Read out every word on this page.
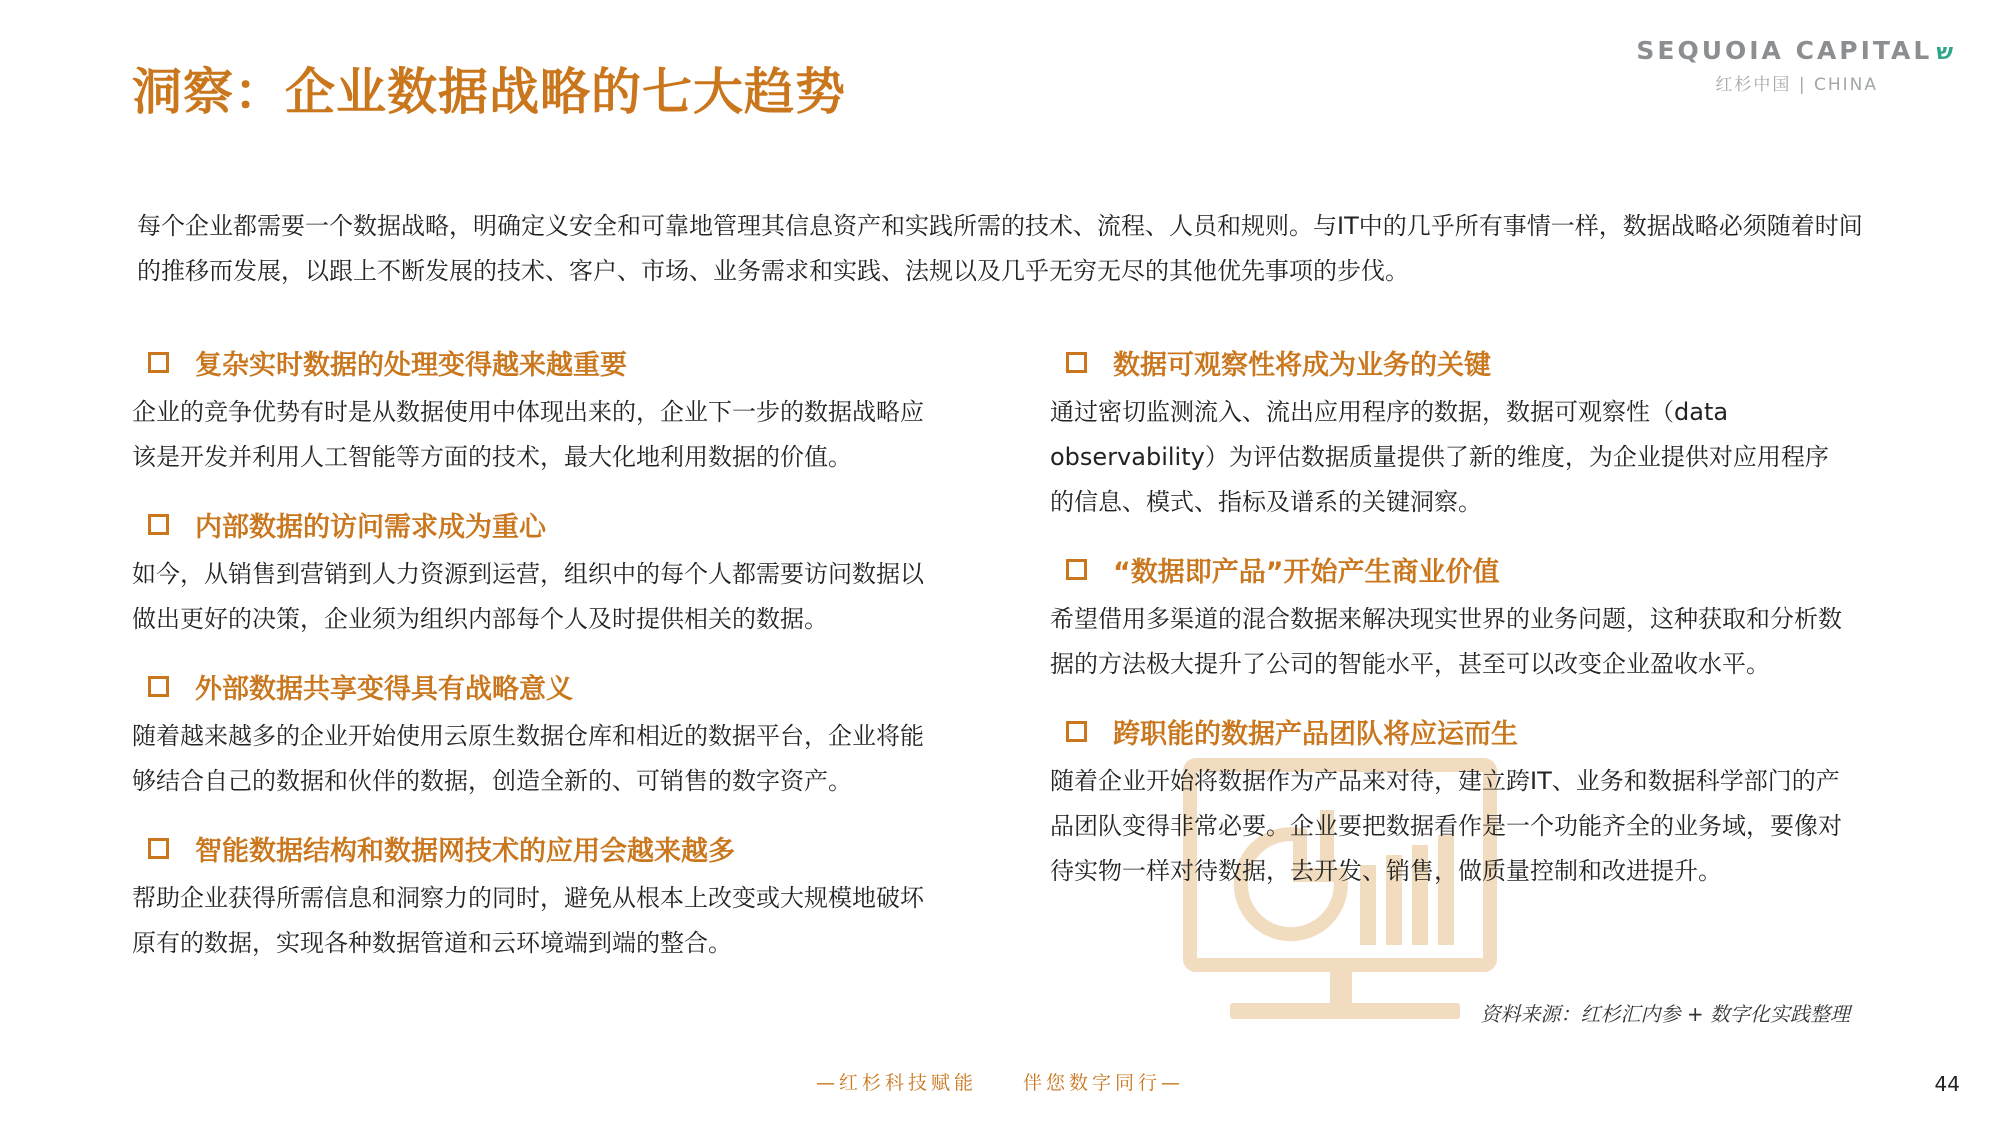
洞察：企业数据战略的七大趋势
SEQUOIA CAPITAL ש
红杉中国 | CHINA

每个企业都需要一个数据战略，明确定义安全和可靠地管理其信息资产和实践所需的技术、流程、人员和规则。与IT中的几乎所有事情一样，数据战略必须随着时间的推移而发展，以跟上不断发展的技术、客户、市场、业务需求和实践、法规以及几乎无穷无尽的其他优先事项的步伐。

复杂实时数据的处理变得越来越重要

企业的竞争优势有时是从数据使用中体现出来的，企业下一步的数据战略应该是开发并利用人工智能等方面的技术，最大化地利用数据的价值。

内部数据的访问需求成为重心

如今，从销售到营销到人力资源到运营，组织中的每个人都需要访问数据以做出更好的决策，企业须为组织内部每个人及时提供相关的数据。

外部数据共享变得具有战略意义

随着越来越多的企业开始使用云原生数据仓库和相近的数据平台，企业将能够结合自己的数据和伙伴的数据，创造全新的、可销售的数字资产。

智能数据结构和数据网技术的应用会越来越多

帮助企业获得所需信息和洞察力的同时，避免从根本上改变或大规模地破坏原有的数据，实现各种数据管道和云环境端到端的整合。

数据可观察性将成为业务的关键

通过密切监测流入、流出应用程序的数据，数据可观察性（data observability）为评估数据质量提供了新的维度，为企业提供对应用程序的信息、模式、指标及谱系的关键洞察。

“数据即产品”开始产生商业价值

希望借用多渠道的混合数据来解决现实世界的业务问题，这种获取和分析数据的方法极大提升了公司的智能水平，甚至可以改变企业盈收水平。

跨职能的数据产品团队将应运而生

随着企业开始将数据作为产品来对待，建立跨IT、业务和数据科学部门的产品团队变得非常必要。企业要把数据看作是一个功能齐全的业务域，要像对待实物一样对待数据，去开发、销售，做质量控制和改进提升。

资料来源：红杉汇内参 + 数字化实践整理
—红杉科技赋能 伴您数字同行—	44
